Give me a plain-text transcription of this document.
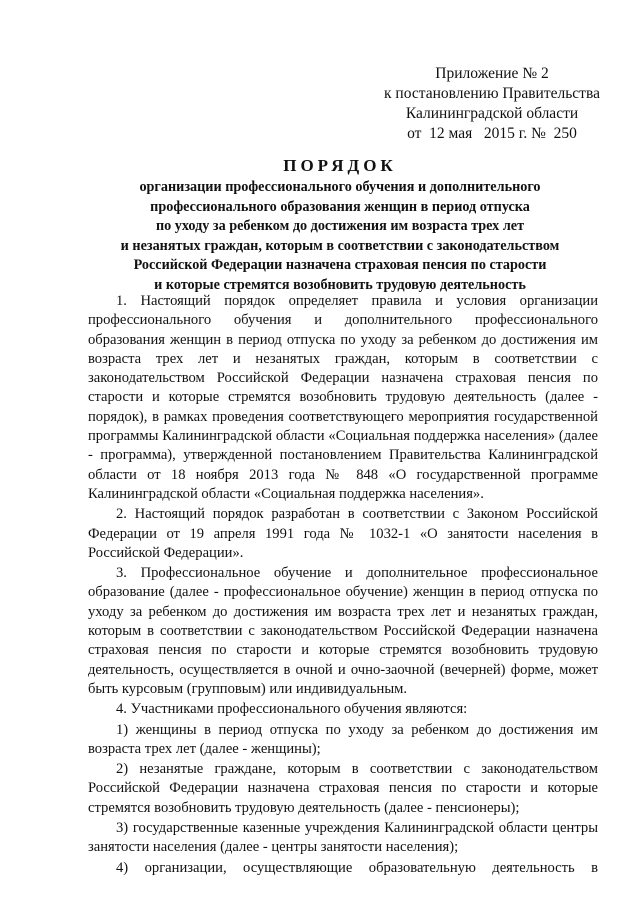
Приложение № 2
к постановлению Правительства
Калининградской области
от  12 мая   2015 г. №  250
ПОРЯДОК
организации профессионального обучения и дополнительного
профессионального образования женщин в период отпуска
по уходу за ребенком до достижения им возраста трех лет
и незанятых граждан, которым в соответствии с законодательством
Российской Федерации назначена страховая пенсия по старости
и которые стремятся возобновить трудовую деятельность

1. Настоящий порядок определяет правила и условия организации профессионального обучения и дополнительного профессионального образования женщин в период отпуска по уходу за ребенком до достижения им возраста трех лет и незанятых граждан, которым в соответствии с законодательством Российской Федерации назначена страховая пенсия по старости и которые стремятся возобновить трудовую деятельность (далее - порядок), в рамках проведения соответствующего мероприятия государственной программы Калининградской области «Социальная поддержка населения» (далее - программа), утвержденной постановлением Правительства Калининградской области от 18 ноября 2013 года № 848 «О государственной программе Калининградской области «Социальная поддержка населения».

2. Настоящий порядок разработан в соответствии с Законом Российской Федерации от 19 апреля 1991 года № 1032-1 «О занятости населения в Российской Федерации».

3. Профессиональное обучение и дополнительное профессиональное образование (далее - профессиональное обучение) женщин в период отпуска по уходу за ребенком до достижения им возраста трех лет и незанятых граждан, которым в соответствии с законодательством Российской Федерации назначена страховая пенсия по старости и которые стремятся возобновить трудовую деятельность, осуществляется в очной и очно-заочной (вечерней) форме, может быть курсовым (групповым) или индивидуальным.

4. Участниками профессионального обучения являются:

1) женщины в период отпуска по уходу за ребенком до достижения им возраста трех лет (далее - женщины);

2) незанятые граждане, которым в соответствии с законодательством Российской Федерации назначена страховая пенсия по старости и которые стремятся возобновить трудовую деятельность (далее - пенсионеры);

3) государственные казенные учреждения Калининградской области центры занятости населения (далее - центры занятости населения);

4) организации, осуществляющие образовательную деятельность в
